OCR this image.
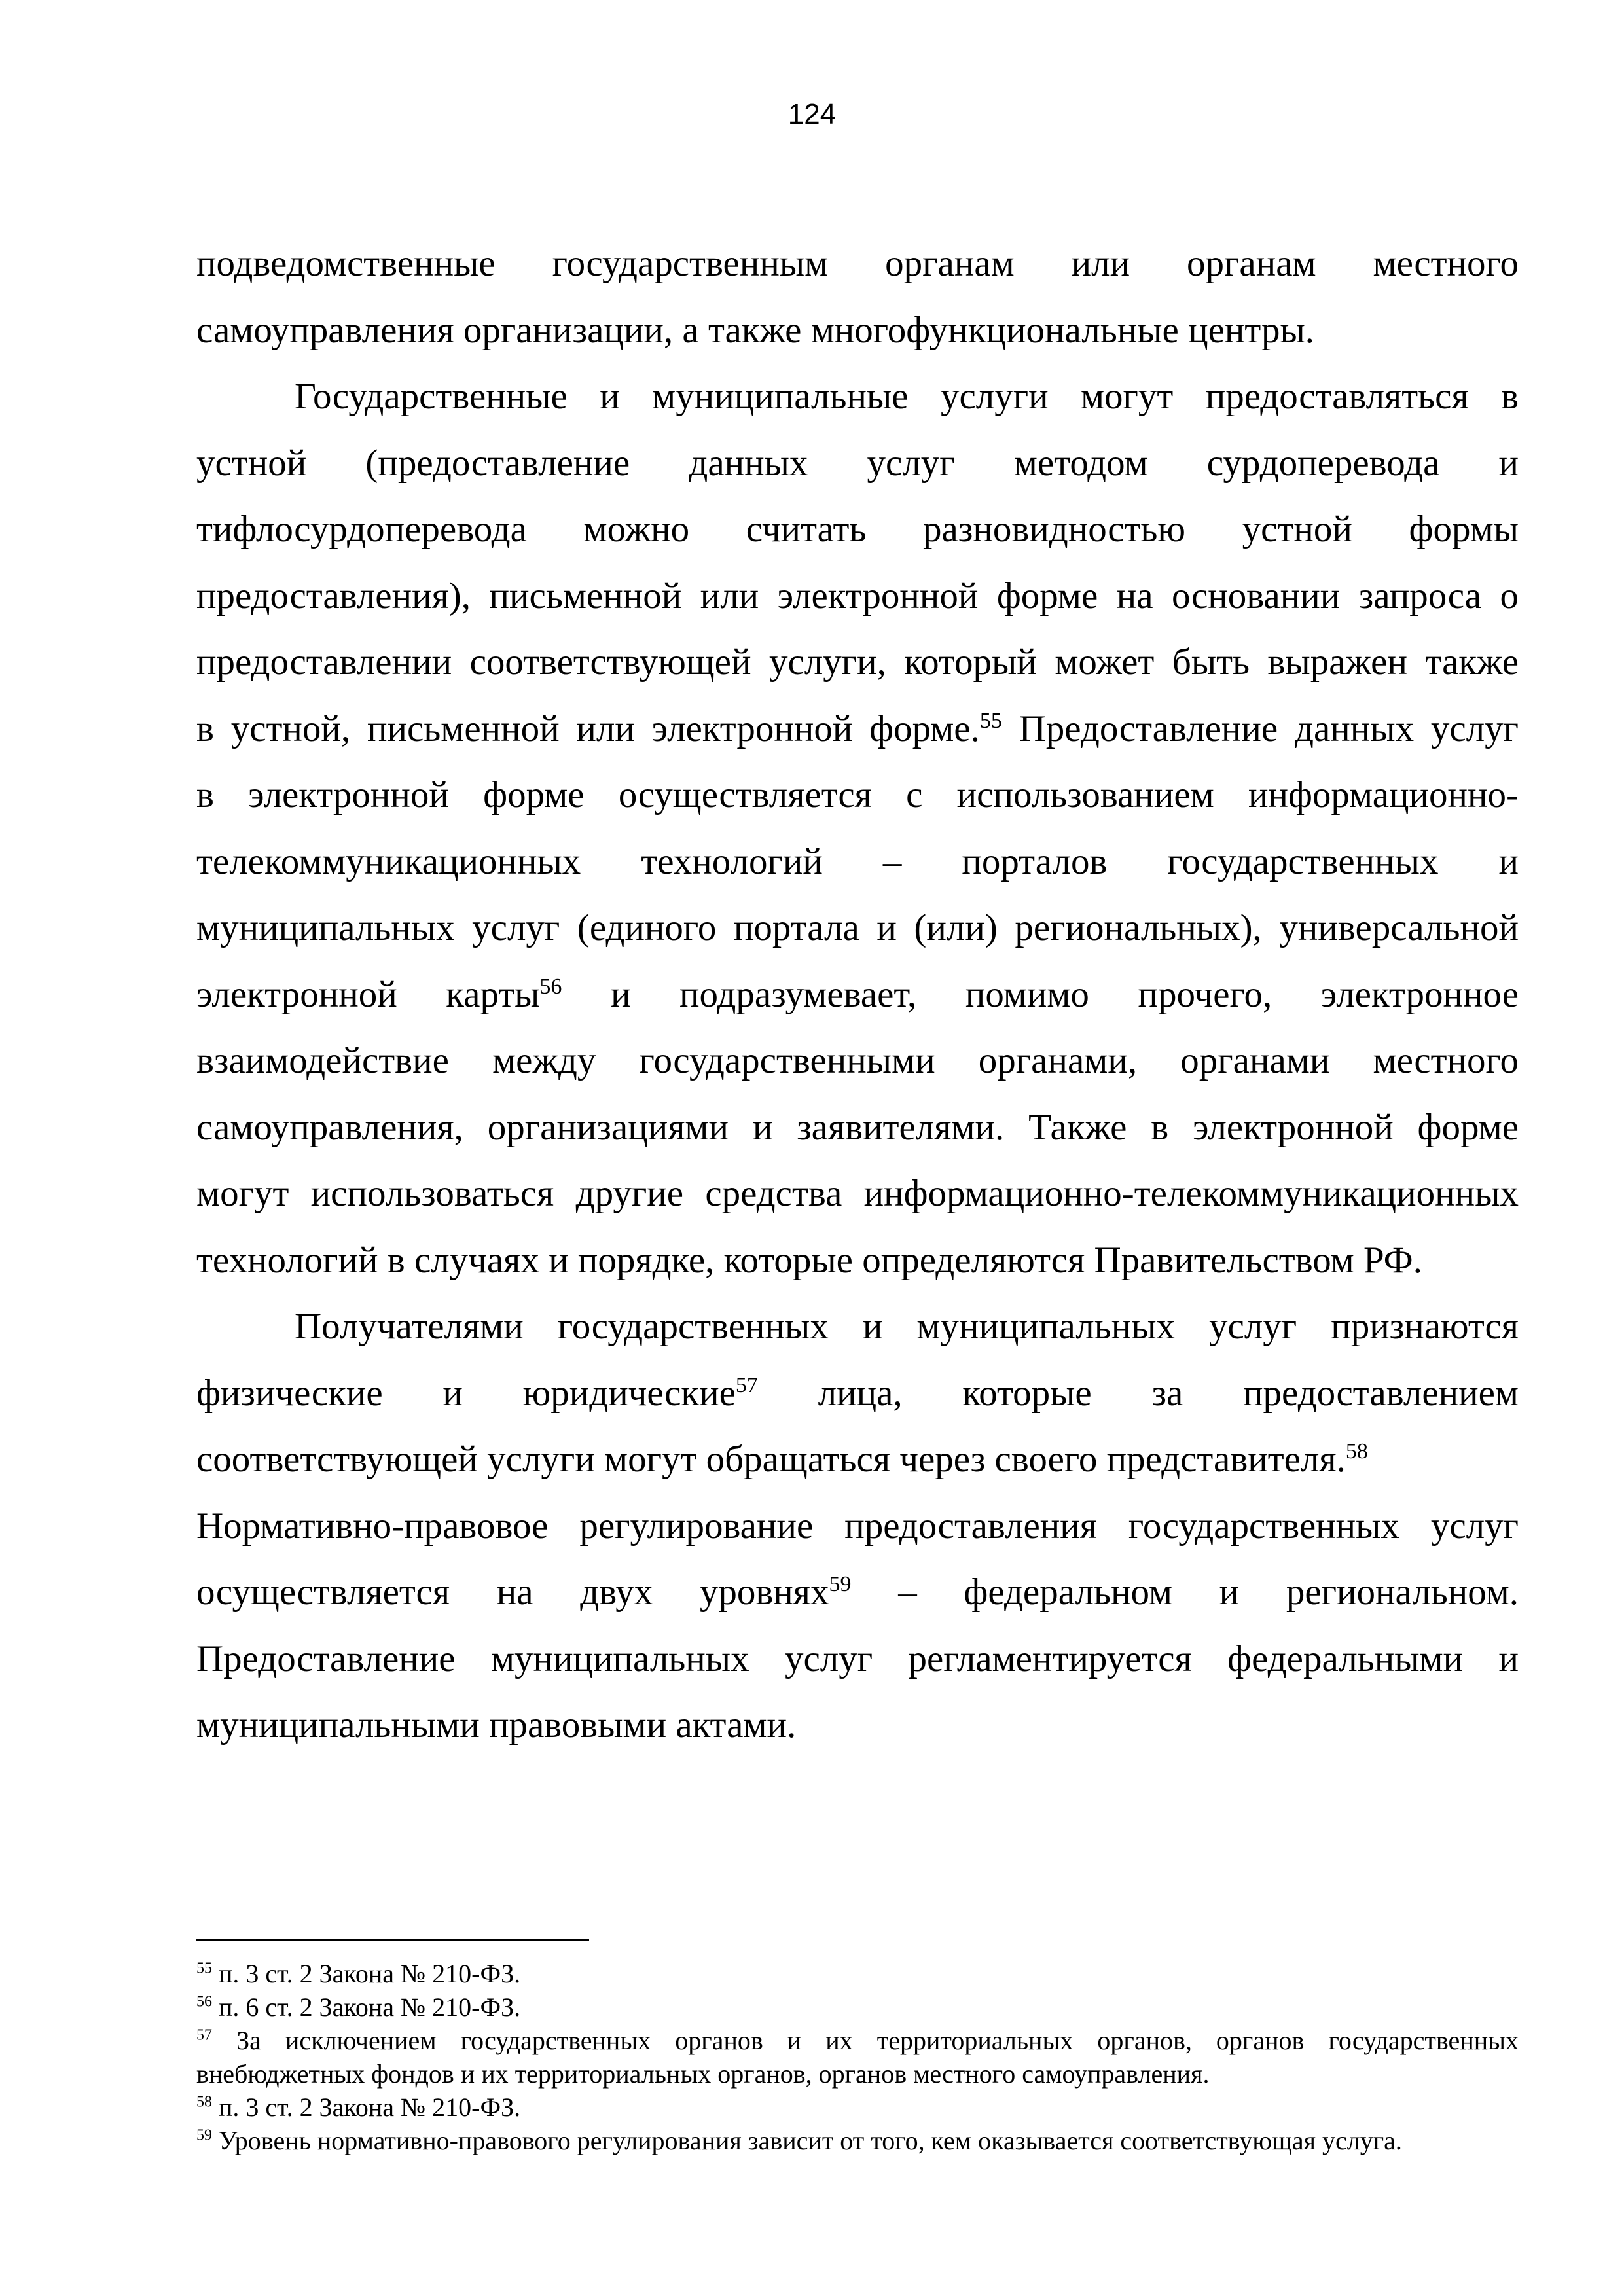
124
подведомственные государственным органам или органам местного
самоуправления организации, а также многофункциональные центры.
Государственные и муниципальные услуги могут предоставляться в
устной (предоставление данных услуг методом сурдоперевода и
тифлосурдоперевода можно считать разновидностью устной формы
предоставления), письменной или электронной форме на основании запроса о
предоставлении соответствующей услуги, который может быть выражен также
в устной, письменной или электронной форме.$^{55}$ Предоставление данных услуг
в электронной форме осуществляется с использованием информационно-
телекоммуникационных технологий – порталов государственных и
муниципальных услуг (единого портала и (или) региональных), универсальной
электронной карты$^{56}$ и подразумевает, помимо прочего, электронное
взаимодействие между государственными органами, органами местного
самоуправления, организациями и заявителями. Также в электронной форме
могут использоваться другие средства информационно-телекоммуникационных
технологий в случаях и порядке, которые определяются Правительством РФ.
Получателями государственных и муниципальных услуг признаются
физические и юридические$^{57}$ лица, которые за предоставлением
соответствующей услуги могут обращаться через своего представителя.$^{58}$
Нормативно-правовое регулирование предоставления государственных услуг
осуществляется на двух уровнях$^{59}$ – федеральном и региональном.
Предоставление муниципальных услуг регламентируется федеральными и
муниципальными правовыми актами.
$^{55}$ п. 3 ст. 2 Закона № 210-ФЗ.
$^{56}$ п. 6 ст. 2 Закона № 210-ФЗ.
$^{57}$ За исключением государственных органов и их территориальных органов, органов государственных
внебюджетных фондов и их территориальных органов, органов местного самоуправления.
$^{58}$ п. 3 ст. 2 Закона № 210-ФЗ.
$^{59}$ Уровень нормативно-правового регулирования зависит от того, кем оказывается соответствующая услуга.
